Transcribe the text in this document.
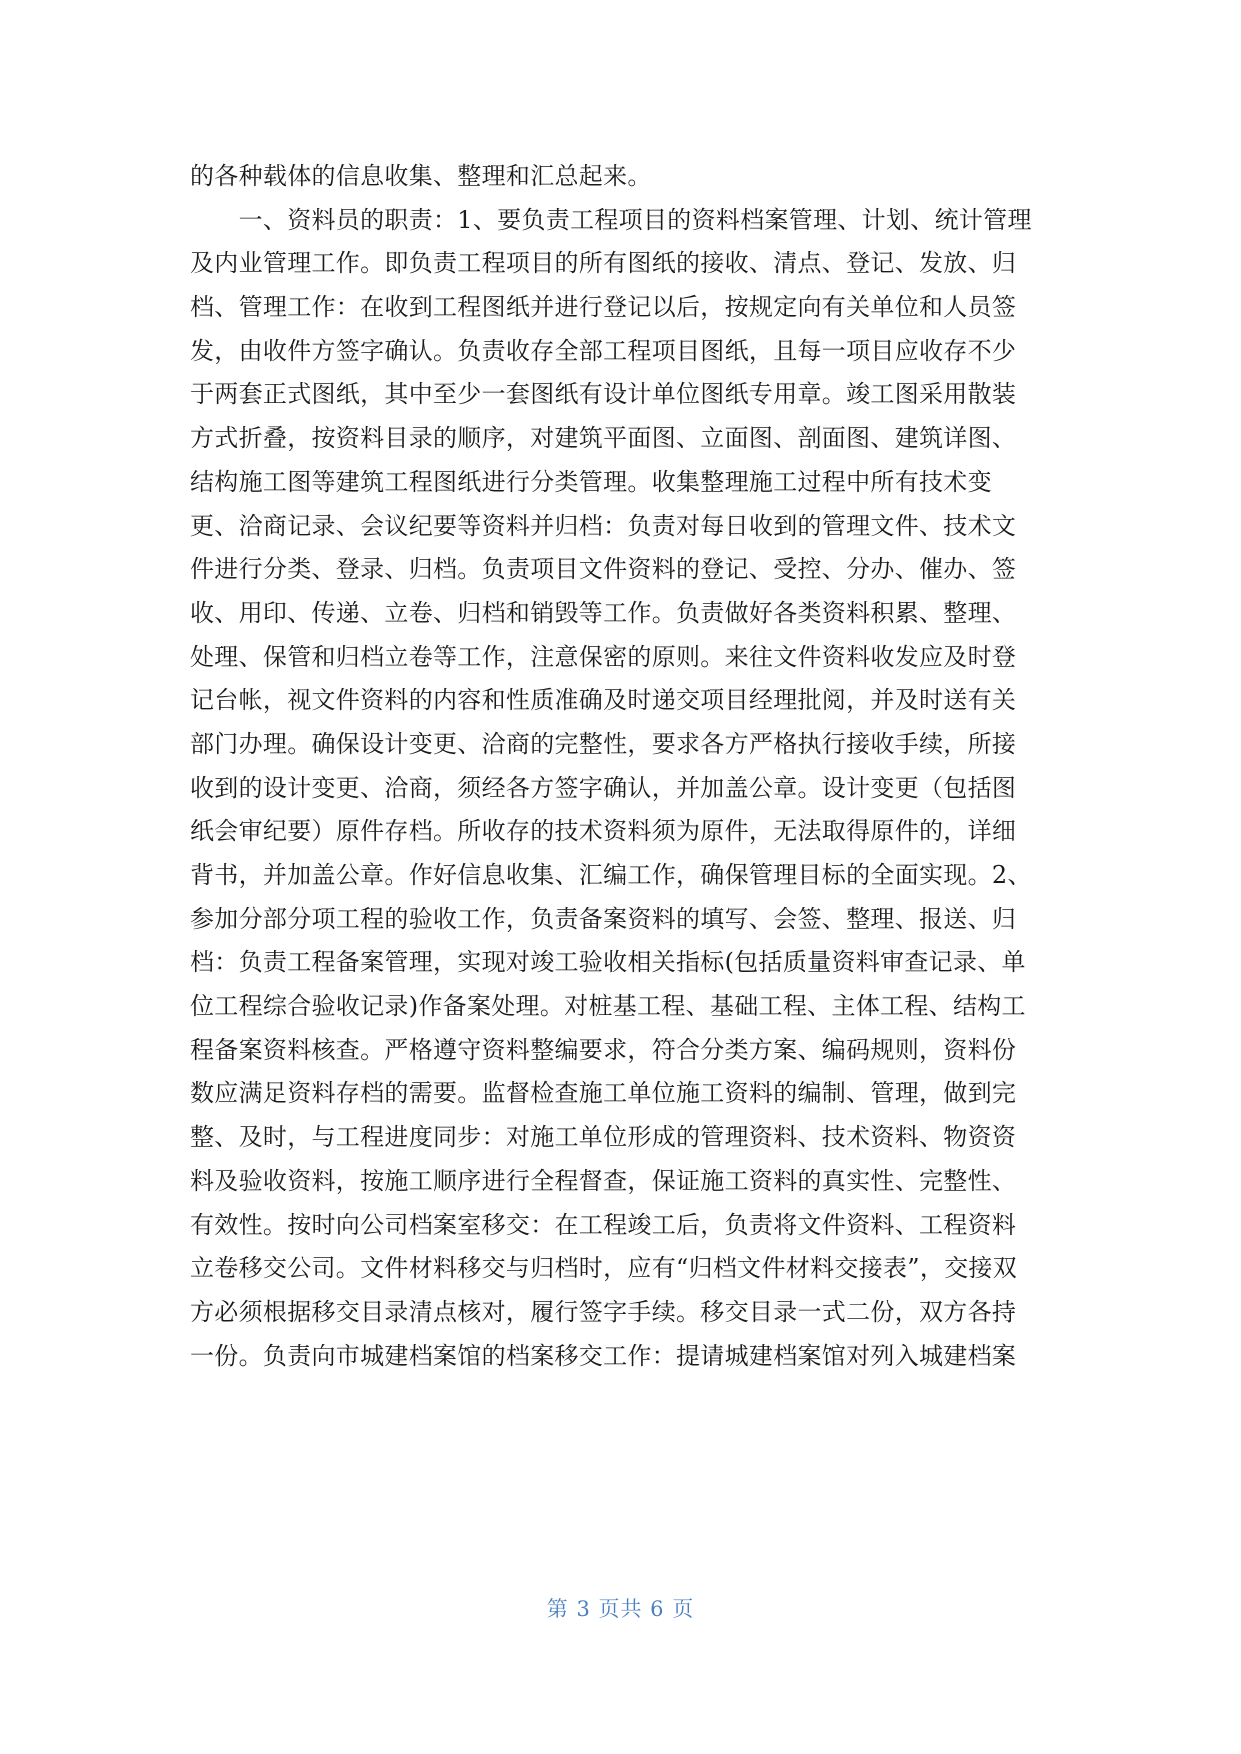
的各种载体的信息收集、整理和汇总起来。
　　一、资料员的职责：1、要负责工程项目的资料档案管理、计划、统计管理
及内业管理工作。即负责工程项目的所有图纸的接收、清点、登记、发放、归
档、管理工作：在收到工程图纸并进行登记以后，按规定向有关单位和人员签
发，由收件方签字确认。负责收存全部工程项目图纸，且每一项目应收存不少
于两套正式图纸，其中至少一套图纸有设计单位图纸专用章。竣工图采用散装
方式折叠，按资料目录的顺序，对建筑平面图、立面图、剖面图、建筑详图、
结构施工图等建筑工程图纸进行分类管理。收集整理施工过程中所有技术变
更、洽商记录、会议纪要等资料并归档：负责对每日收到的管理文件、技术文
件进行分类、登录、归档。负责项目文件资料的登记、受控、分办、催办、签
收、用印、传递、立卷、归档和销毁等工作。负责做好各类资料积累、整理、
处理、保管和归档立卷等工作，注意保密的原则。来往文件资料收发应及时登
记台帐，视文件资料的内容和性质准确及时递交项目经理批阅，并及时送有关
部门办理。确保设计变更、洽商的完整性，要求各方严格执行接收手续，所接
收到的设计变更、洽商，须经各方签字确认，并加盖公章。设计变更（包括图
纸会审纪要）原件存档。所收存的技术资料须为原件，无法取得原件的，详细
背书，并加盖公章。作好信息收集、汇编工作，确保管理目标的全面实现。2、
参加分部分项工程的验收工作，负责备案资料的填写、会签、整理、报送、归
档：负责工程备案管理，实现对竣工验收相关指标(包括质量资料审查记录、单
位工程综合验收记录)作备案处理。对桩基工程、基础工程、主体工程、结构工
程备案资料核查。严格遵守资料整编要求，符合分类方案、编码规则，资料份
数应满足资料存档的需要。监督检查施工单位施工资料的编制、管理，做到完
整、及时，与工程进度同步：对施工单位形成的管理资料、技术资料、物资资
料及验收资料，按施工顺序进行全程督查，保证施工资料的真实性、完整性、
有效性。按时向公司档案室移交：在工程竣工后，负责将文件资料、工程资料
立卷移交公司。文件材料移交与归档时，应有“归档文件材料交接表”，交接双
方必须根据移交目录清点核对，履行签字手续。移交目录一式二份，双方各持
一份。负责向市城建档案馆的档案移交工作：提请城建档案馆对列入城建档案
第 3 页共 6 页
